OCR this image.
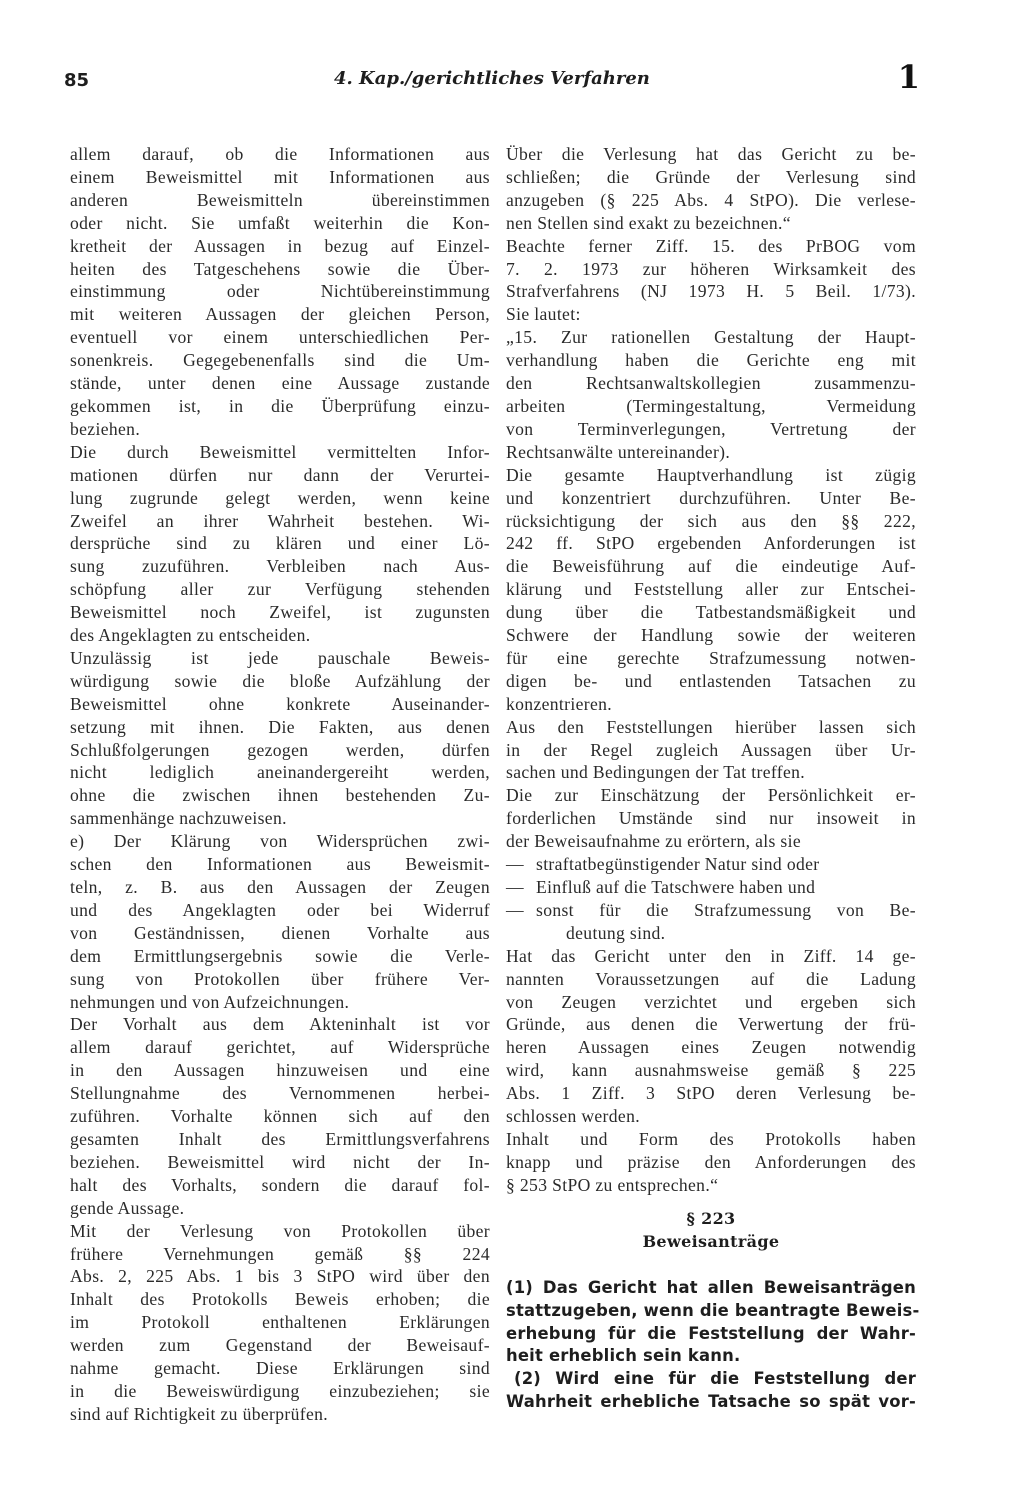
85	4. Kap./gerichtliches Verfahren	1
allem darauf, ob die Informationen aus
einem Beweismittel mit Informationen aus
anderen Beweismitteln übereinstimmen
oder nicht. Sie umfaßt weiterhin die Kon-
kretheit der Aussagen in bezug auf Einzel-
heiten des Tatgeschehens sowie die Über-
einstimmung oder Nichtübereinstimmung
mit weiteren Aussagen der gleichen Person,
eventuell vor einem unterschiedlichen Per-
sonenkreis. Gegegebenenfalls sind die Um-
stände, unter denen eine Aussage zustande
gekommen ist, in die Überprüfung einzu-
beziehen.
Die durch Beweismittel vermittelten Infor-
mationen dürfen nur dann der Verurtei-
lung zugrunde gelegt werden, wenn keine
Zweifel an ihrer Wahrheit bestehen. Wi-
dersprüche sind zu klären und einer Lö-
sung zuzuführen. Verbleiben nach Aus-
schöpfung aller zur Verfügung stehenden
Beweismittel noch Zweifel, ist zugunsten
des Angeklagten zu entscheiden.
Unzulässig ist jede pauschale Beweis-
würdigung sowie die bloße Aufzählung der
Beweismittel ohne konkrete Auseinander-
setzung mit ihnen. Die Fakten, aus denen
Schlußfolgerungen gezogen werden, dürfen
nicht lediglich aneinandergereiht werden,
ohne die zwischen ihnen bestehenden Zu-
sammenhänge nachzuweisen.
e) Der Klärung von Widersprüchen zwi-
schen den Informationen aus Beweismit-
teln, z. B. aus den Aussagen der Zeugen
und des Angeklagten oder bei Widerruf
von Geständnissen, dienen Vorhalte aus
dem Ermittlungsergebnis sowie die Verle-
sung von Protokollen über frühere Ver-
nehmungen und von Aufzeichnungen.
Der Vorhalt aus dem Akteninhalt ist vor
allem darauf gerichtet, auf Widersprüche
in den Aussagen hinzuweisen und eine
Stellungnahme des Vernommenen herbei-
zuführen. Vorhalte können sich auf den
gesamten Inhalt des Ermittlungsverfahrens
beziehen. Beweismittel wird nicht der In-
halt des Vorhalts, sondern die darauf fol-
gende Aussage.
Mit der Verlesung von Protokollen über
frühere Vernehmungen gemäß §§ 224
Abs. 2, 225 Abs. 1 bis 3 StPO wird über den
Inhalt des Protokolls Beweis erhoben; die
im Protokoll enthaltenen Erklärungen
werden zum Gegenstand der Beweisauf-
nahme gemacht. Diese Erklärungen sind
in die Beweiswürdigung einzubeziehen; sie
sind auf Richtigkeit zu überprüfen.
Über die Verlesung hat das Gericht zu be-
schließen; die Gründe der Verlesung sind
anzugeben (§ 225 Abs. 4 StPO). Die verlese-
nen Stellen sind exakt zu bezeichnen.“
Beachte ferner Ziff. 15. des PrBOG vom
7. 2. 1973 zur höheren Wirksamkeit des
Strafverfahrens (NJ 1973 H. 5 Beil. 1/73).
Sie lautet:
„15. Zur rationellen Gestaltung der Haupt-
verhandlung haben die Gerichte eng mit
den Rechtsanwaltskollegien zusammenzu-
arbeiten (Termingestaltung, Vermeidung
von Terminverlegungen, Vertretung der
Rechtsanwälte untereinander).
Die gesamte Hauptverhandlung ist zügig
und konzentriert durchzuführen. Unter Be-
rücksichtigung der sich aus den §§ 222,
242 ff. StPO ergebenden Anforderungen ist
die Beweisführung auf die eindeutige Auf-
klärung und Feststellung aller zur Entschei-
dung über die Tatbestandsmäßigkeit und
Schwere der Handlung sowie der weiteren
für eine gerechte Strafzumessung notwen-
digen be- und entlastenden Tatsachen zu
konzentrieren.
Aus den Feststellungen hierüber lassen sich
in der Regel zugleich Aussagen über Ur-
sachen und Bedingungen der Tat treffen.
Die zur Einschätzung der Persönlichkeit er-
forderlichen Umstände sind nur insoweit in
der Beweisaufnahme zu erörtern, als sie
— straftatbegünstigender Natur sind oder
— Einfluß auf die Tatschwere haben und
— sonst für die Strafzumessung von Be-
deutung sind.
Hat das Gericht unter den in Ziff. 14 ge-
nannten Voraussetzungen auf die Ladung
von Zeugen verzichtet und ergeben sich
Gründe, aus denen die Verwertung der frü-
heren Aussagen eines Zeugen notwendig
wird, kann ausnahmsweise gemäß § 225
Abs. 1 Ziff. 3 StPO deren Verlesung be-
schlossen werden.
Inhalt und Form des Protokolls haben
knapp und präzise den Anforderungen des
§ 253 StPO zu entsprechen.“
§ 223
Beweisanträge
(1) Das Gericht hat allen Beweisanträgen
stattzugeben, wenn die beantragte Beweis-
erhebung für die Feststellung der Wahr-
heit erheblich sein kann.
(2) Wird eine für die Feststellung der
Wahrheit erhebliche Tatsache so spät vor-
